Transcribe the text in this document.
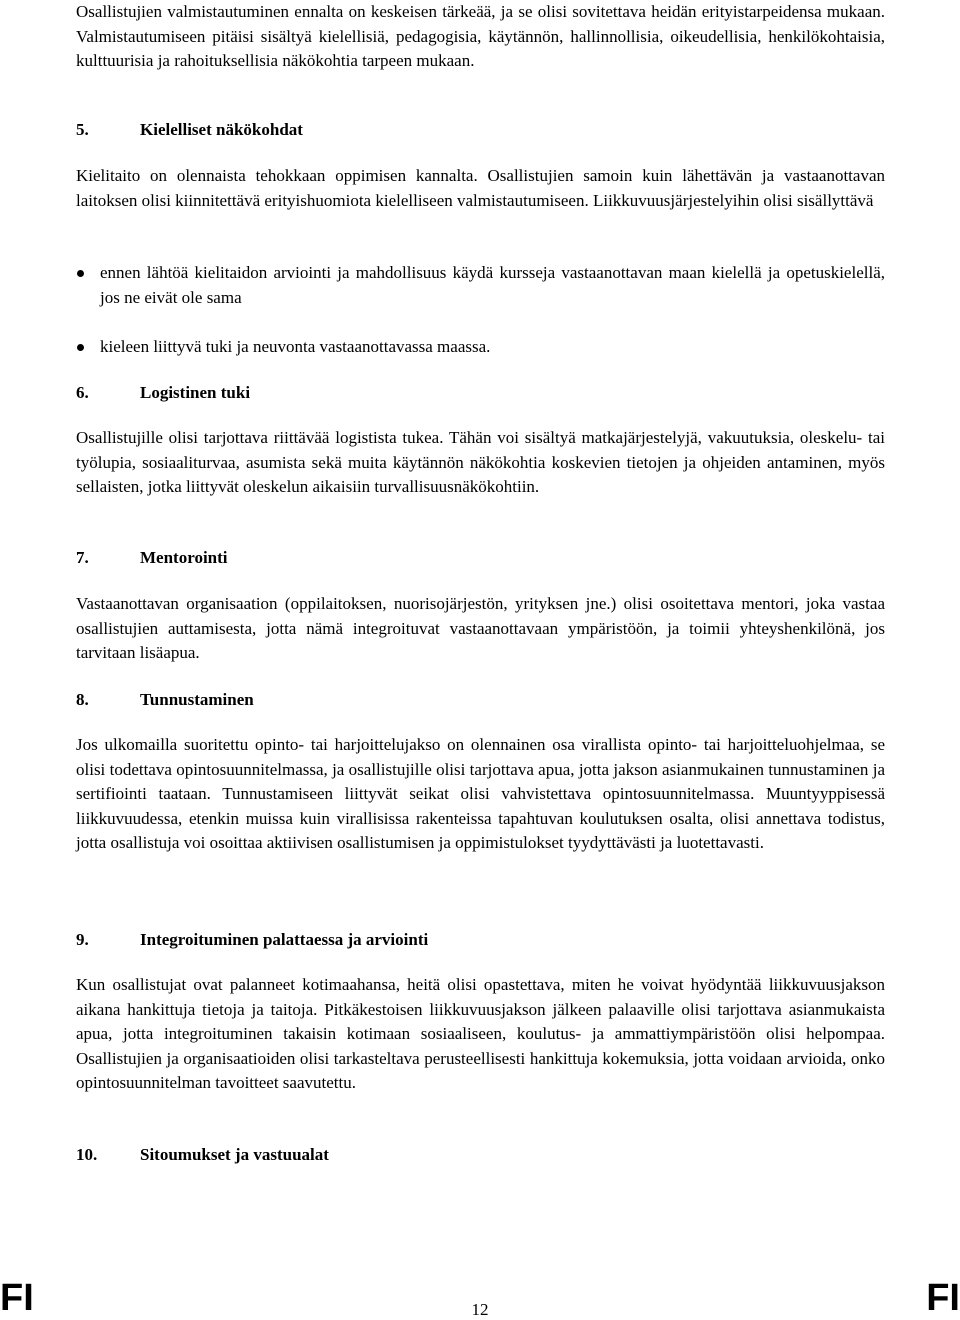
Osallistujien valmistautuminen ennalta on keskeisen tärkeää, ja se olisi sovitettava heidän erityistarpeidensa mukaan. Valmistautumiseen pitäisi sisältyä kielellisiä, pedagogisia, käytännön, hallinnollisia, oikeudellisia, henkilökohtaisia, kulttuurisia ja rahoituksellisia näkökohtia tarpeen mukaan.

5.	Kielelliset näkökohdat

Kielitaito on olennaista tehokkaan oppimisen kannalta. Osallistujien samoin kuin lähettävän ja vastaanottavan laitoksen olisi kiinnitettävä erityishuomiota kielelliseen valmistautumiseen. Liikkuvuusjärjestelyihin olisi sisällyttävä

ennen lähtöä kielitaidon arviointi ja mahdollisuus käydä kursseja vastaanottavan maan kielellä ja opetuskielellä, jos ne eivät ole sama
kieleen liittyvä tuki ja neuvonta vastaanottavassa maassa.
6.	Logistinen tuki

Osallistujille olisi tarjottava riittävää logistista tukea. Tähän voi sisältyä matkajärjestelyjä, vakuutuksia, oleskelu- tai työlupia, sosiaaliturvaa, asumista sekä muita käytännön näkökohtia koskevien tietojen ja ohjeiden antaminen, myös sellaisten, jotka liittyvät oleskelun aikaisiin turvallisuusnäkökohtiin.

7.	Mentorointi

Vastaanottavan organisaation (oppilaitoksen, nuorisojärjestön, yrityksen jne.) olisi osoitettava mentori, joka vastaa osallistujien auttamisesta, jotta nämä integroituvat vastaanottavaan ympäristöön, ja toimii yhteyshenkilönä, jos tarvitaan lisäapua.

8.	Tunnustaminen

Jos ulkomailla suoritettu opinto- tai harjoittelujakso on olennainen osa virallista opinto- tai harjoitteluohjelmaa, se olisi todettava opintosuunnitelmassa, ja osallistujille olisi tarjottava apua, jotta jakson asianmukainen tunnustaminen ja sertifiointi taataan. Tunnustamiseen liittyvät seikat olisi vahvistettava opintosuunnitelmassa. Muuntyyppisessä liikkuvuudessa, etenkin muissa kuin virallisissa rakenteissa tapahtuvan koulutuksen osalta, olisi annettava todistus, jotta osallistuja voi osoittaa aktiivisen osallistumisen ja oppimistulokset tyydyttävästi ja luotettavasti.

9.	Integroituminen palattaessa ja arviointi

Kun osallistujat ovat palanneet kotimaahansa, heitä olisi opastettava, miten he voivat hyödyntää liikkuvuusjakson aikana hankittuja tietoja ja taitoja. Pitkäkestoisen liikkuvuusjakson jälkeen palaaville olisi tarjottava asianmukaista apua, jotta integroituminen takaisin kotimaan sosiaaliseen, koulutus- ja ammattiympäristöön olisi helpompaa. Osallistujien ja organisaatioiden olisi tarkasteltava perusteellisesti hankittuja kokemuksia, jotta voidaan arvioida, onko opintosuunnitelman tavoitteet saavutettu.

10.	Sitoumukset ja vastuualat
FI	12	FI
